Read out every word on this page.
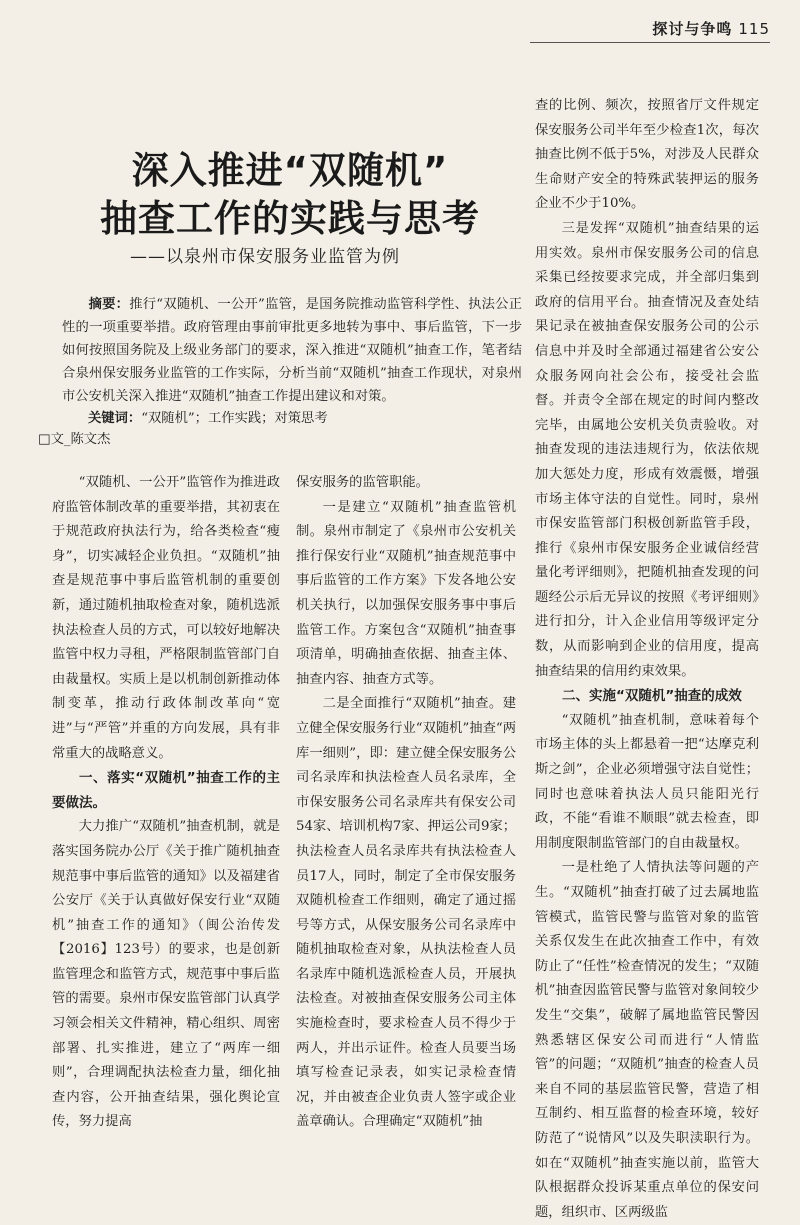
探讨与争鸣 115
深入推进“双随机”
抽查工作的实践与思考
——以泉州市保安服务业监管为例
摘要：推行“双随机、一公开”监管，是国务院推动监管科学性、执法公正性的一项重要举措。政府管理由事前审批更多地转为事中、事后监管，下一步如何按照国务院及上级业务部门的要求，深入推进“双随机”抽查工作，笔者结合泉州保安服务业监管的工作实际，分析当前“双随机”抽查工作现状，对泉州市公安机关深入推进“双随机”抽查工作提出建议和对策。
关键词：“双随机”；工作实践；对策思考
□文_陈文杰

“双随机、一公开”监管作为推进政府监管体制改革的重要举措，其初衷在于规范政府执法行为，给各类检查“瘦身”，切实减轻企业负担。“双随机”抽查是规范事中事后监管机制的重要创新，通过随机抽取检查对象，随机选派执法检查人员的方式，可以较好地解决监管中权力寻租，严格限制监管部门自由裁量权。实质上是以机制创新推动体制变革，推动行政体制改革向“宽进”与“严管”并重的方向发展，具有非常重大的战略意义。

一、落实“双随机”抽查工作的主要做法。

大力推广“双随机”抽查机制，就是落实国务院办公厅《关于推广随机抽查规范事中事后监管的通知》以及福建省公安厅《关于认真做好保安行业“双随机”抽查工作的通知》（闽公治传发【2016】123号）的要求，也是创新监管理念和监管方式，规范事中事后监管的需要。泉州市保安监管部门认真学习领会相关文件精神，精心组织、周密部署、扎实推进，建立了“两库一细则”，合理调配执法检查力量，细化抽查内容，公开抽查结果，强化舆论宣传，努力提高

保安服务的监管职能。

一是建立“双随机”抽查监管机制。泉州市制定了《泉州市公安机关推行保安行业“双随机”抽查规范事中事后监管的工作方案》下发各地公安机关执行，以加强保安服务事中事后监管工作。方案包含“双随机”抽查事项清单，明确抽查依据、抽查主体、抽查内容、抽查方式等。

二是全面推行“双随机”抽查。建立健全保安服务行业“双随机”抽查“两库一细则”，即：建立健全保安服务公司名录库和执法检查人员名录库，全市保安服务公司名录库共有保安公司54家、培训机构7家、押运公司9家；执法检查人员名录库共有执法检查人员17人，同时，制定了全市保安服务双随机检查工作细则，确定了通过摇号等方式，从保安服务公司名录库中随机抽取检查对象，从执法检查人员名录库中随机选派检查人员，开展执法检查。对被抽查保安服务公司主体实施检查时，要求检查人员不得少于两人，并出示证件。检查人员要当场填写检查记录表，如实记录检查情况，并由被查企业负责人签字或企业盖章确认。合理确定“双随机”抽

查的比例、频次，按照省厅文件规定保安服务公司半年至少检查1次，每次抽查比例不低于5%，对涉及人民群众生命财产安全的特殊武装押运的服务企业不少于10%。

三是发挥“双随机”抽查结果的运用实效。泉州市保安服务公司的信息采集已经按要求完成，并全部归集到政府的信用平台。抽查情况及查处结果记录在被抽查保安服务公司的公示信息中并及时全部通过福建省公安公众服务网向社会公布，接受社会监督。并责令全部在规定的时间内整改完毕，由属地公安机关负责验收。对抽查发现的违法违规行为，依法依规加大惩处力度，形成有效震慑，增强市场主体守法的自觉性。同时，泉州市保安监管部门积极创新监管手段，推行《泉州市保安服务企业诚信经营量化考评细则》，把随机抽查发现的问题经公示后无异议的按照《考评细则》进行扣分，计入企业信用等级评定分数，从而影响到企业的信用度，提高抽查结果的信用约束效果。

二、实施“双随机”抽查的成效

“双随机”抽查机制，意味着每个市场主体的头上都悬着一把“达摩克利斯之剑”，企业必须增强守法自觉性；同时也意味着执法人员只能阳光行政，不能“看谁不顺眼”就去检查，即用制度限制监管部门的自由裁量权。

一是杜绝了人情执法等问题的产生。“双随机”抽查打破了过去属地监管模式，监管民警与监管对象的监管关系仅发生在此次抽查工作中，有效防止了“任性”检查情况的发生；“双随机”抽查因监管民警与监管对象间较少发生“交集”，破解了属地监管民警因熟悉辖区保安公司而进行“人情监管”的问题；“双随机”抽查的检查人员来自不同的基层监管民警，营造了相互制约、相互监督的检查环境，较好防范了“说情风”以及失职渎职行为。如在“双随机”抽查实施以前，监管大队根据群众投诉某重点单位的保安问题，组织市、区两级监
